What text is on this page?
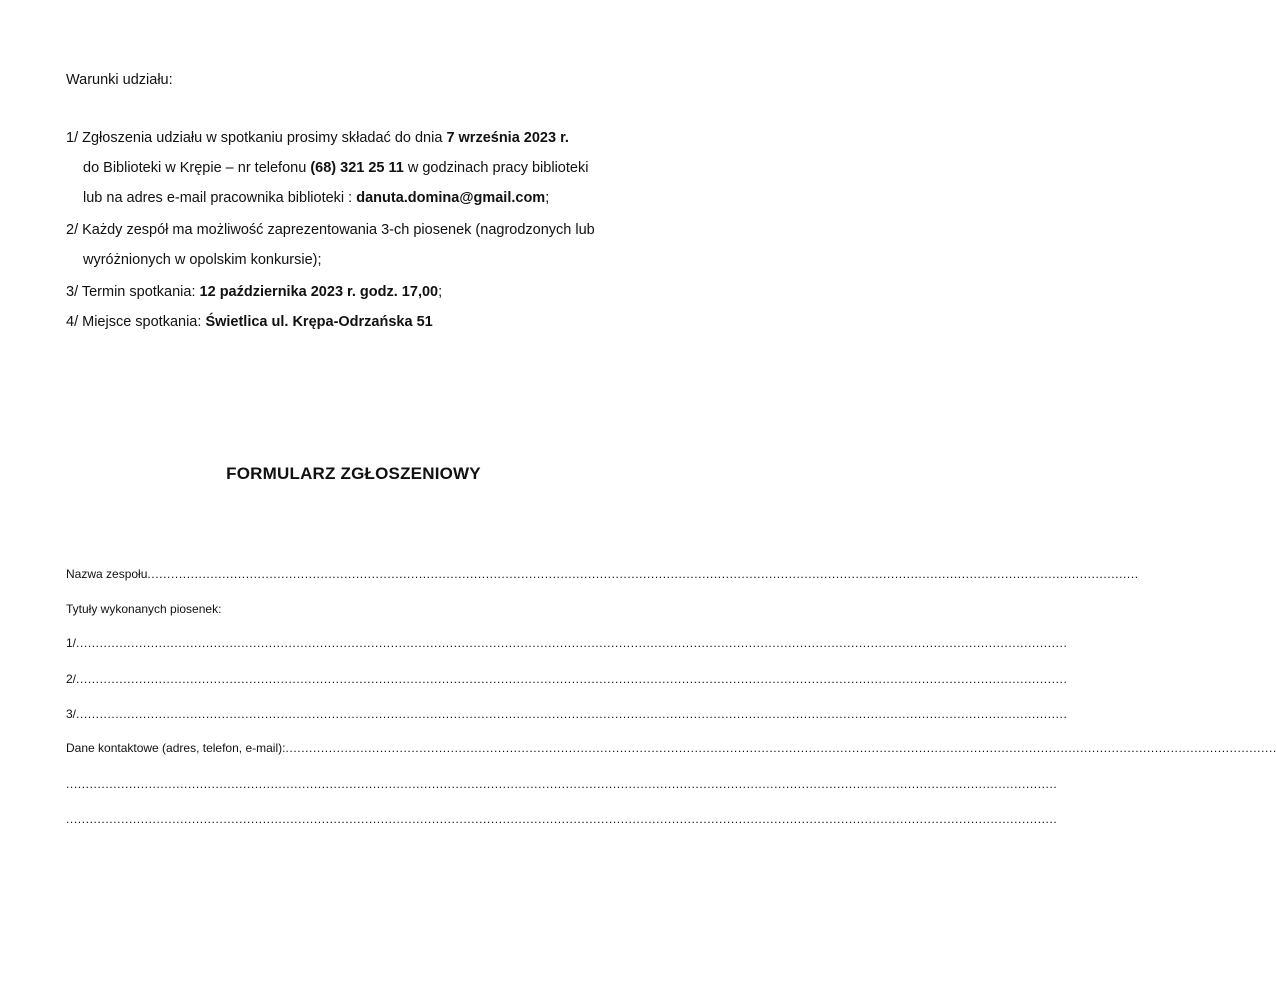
Warunki udziału:
1/ Zgłoszenia udziału w spotkaniu prosimy składać do dnia 7 września 2023 r.
do Biblioteki w Krępie – nr telefonu (68) 321 25 11 w godzinach pracy biblioteki
lub na adres e-mail pracownika biblioteki : danuta.domina@gmail.com;
2/ Każdy zespół ma możliwość zaprezentowania 3-ch piosenek (nagrodzonych lub
wyróżnionych w opolskim konkursie);
3/ Termin spotkania: 12 października 2023 r. godz. 17,00;
4/ Miejsce spotkania: Świetlica ul. Krępa-Odrzańska 51
FORMULARZ ZGŁOSZENIOWY
Nazwa zespołu ............................................................................................................................................................................................................................................................
Tytuły wykonanych piosenek:
1/ ............................................................................................................................................................................................................................................................
2/ ............................................................................................................................................................................................................................................................
3/ ............................................................................................................................................................................................................................................................
Dane kontaktowe (adres, telefon, e-mail): ............................................................................................................................................................................................................................................................
............................................................................................................................................................................................................................................................
............................................................................................................................................................................................................................................................
